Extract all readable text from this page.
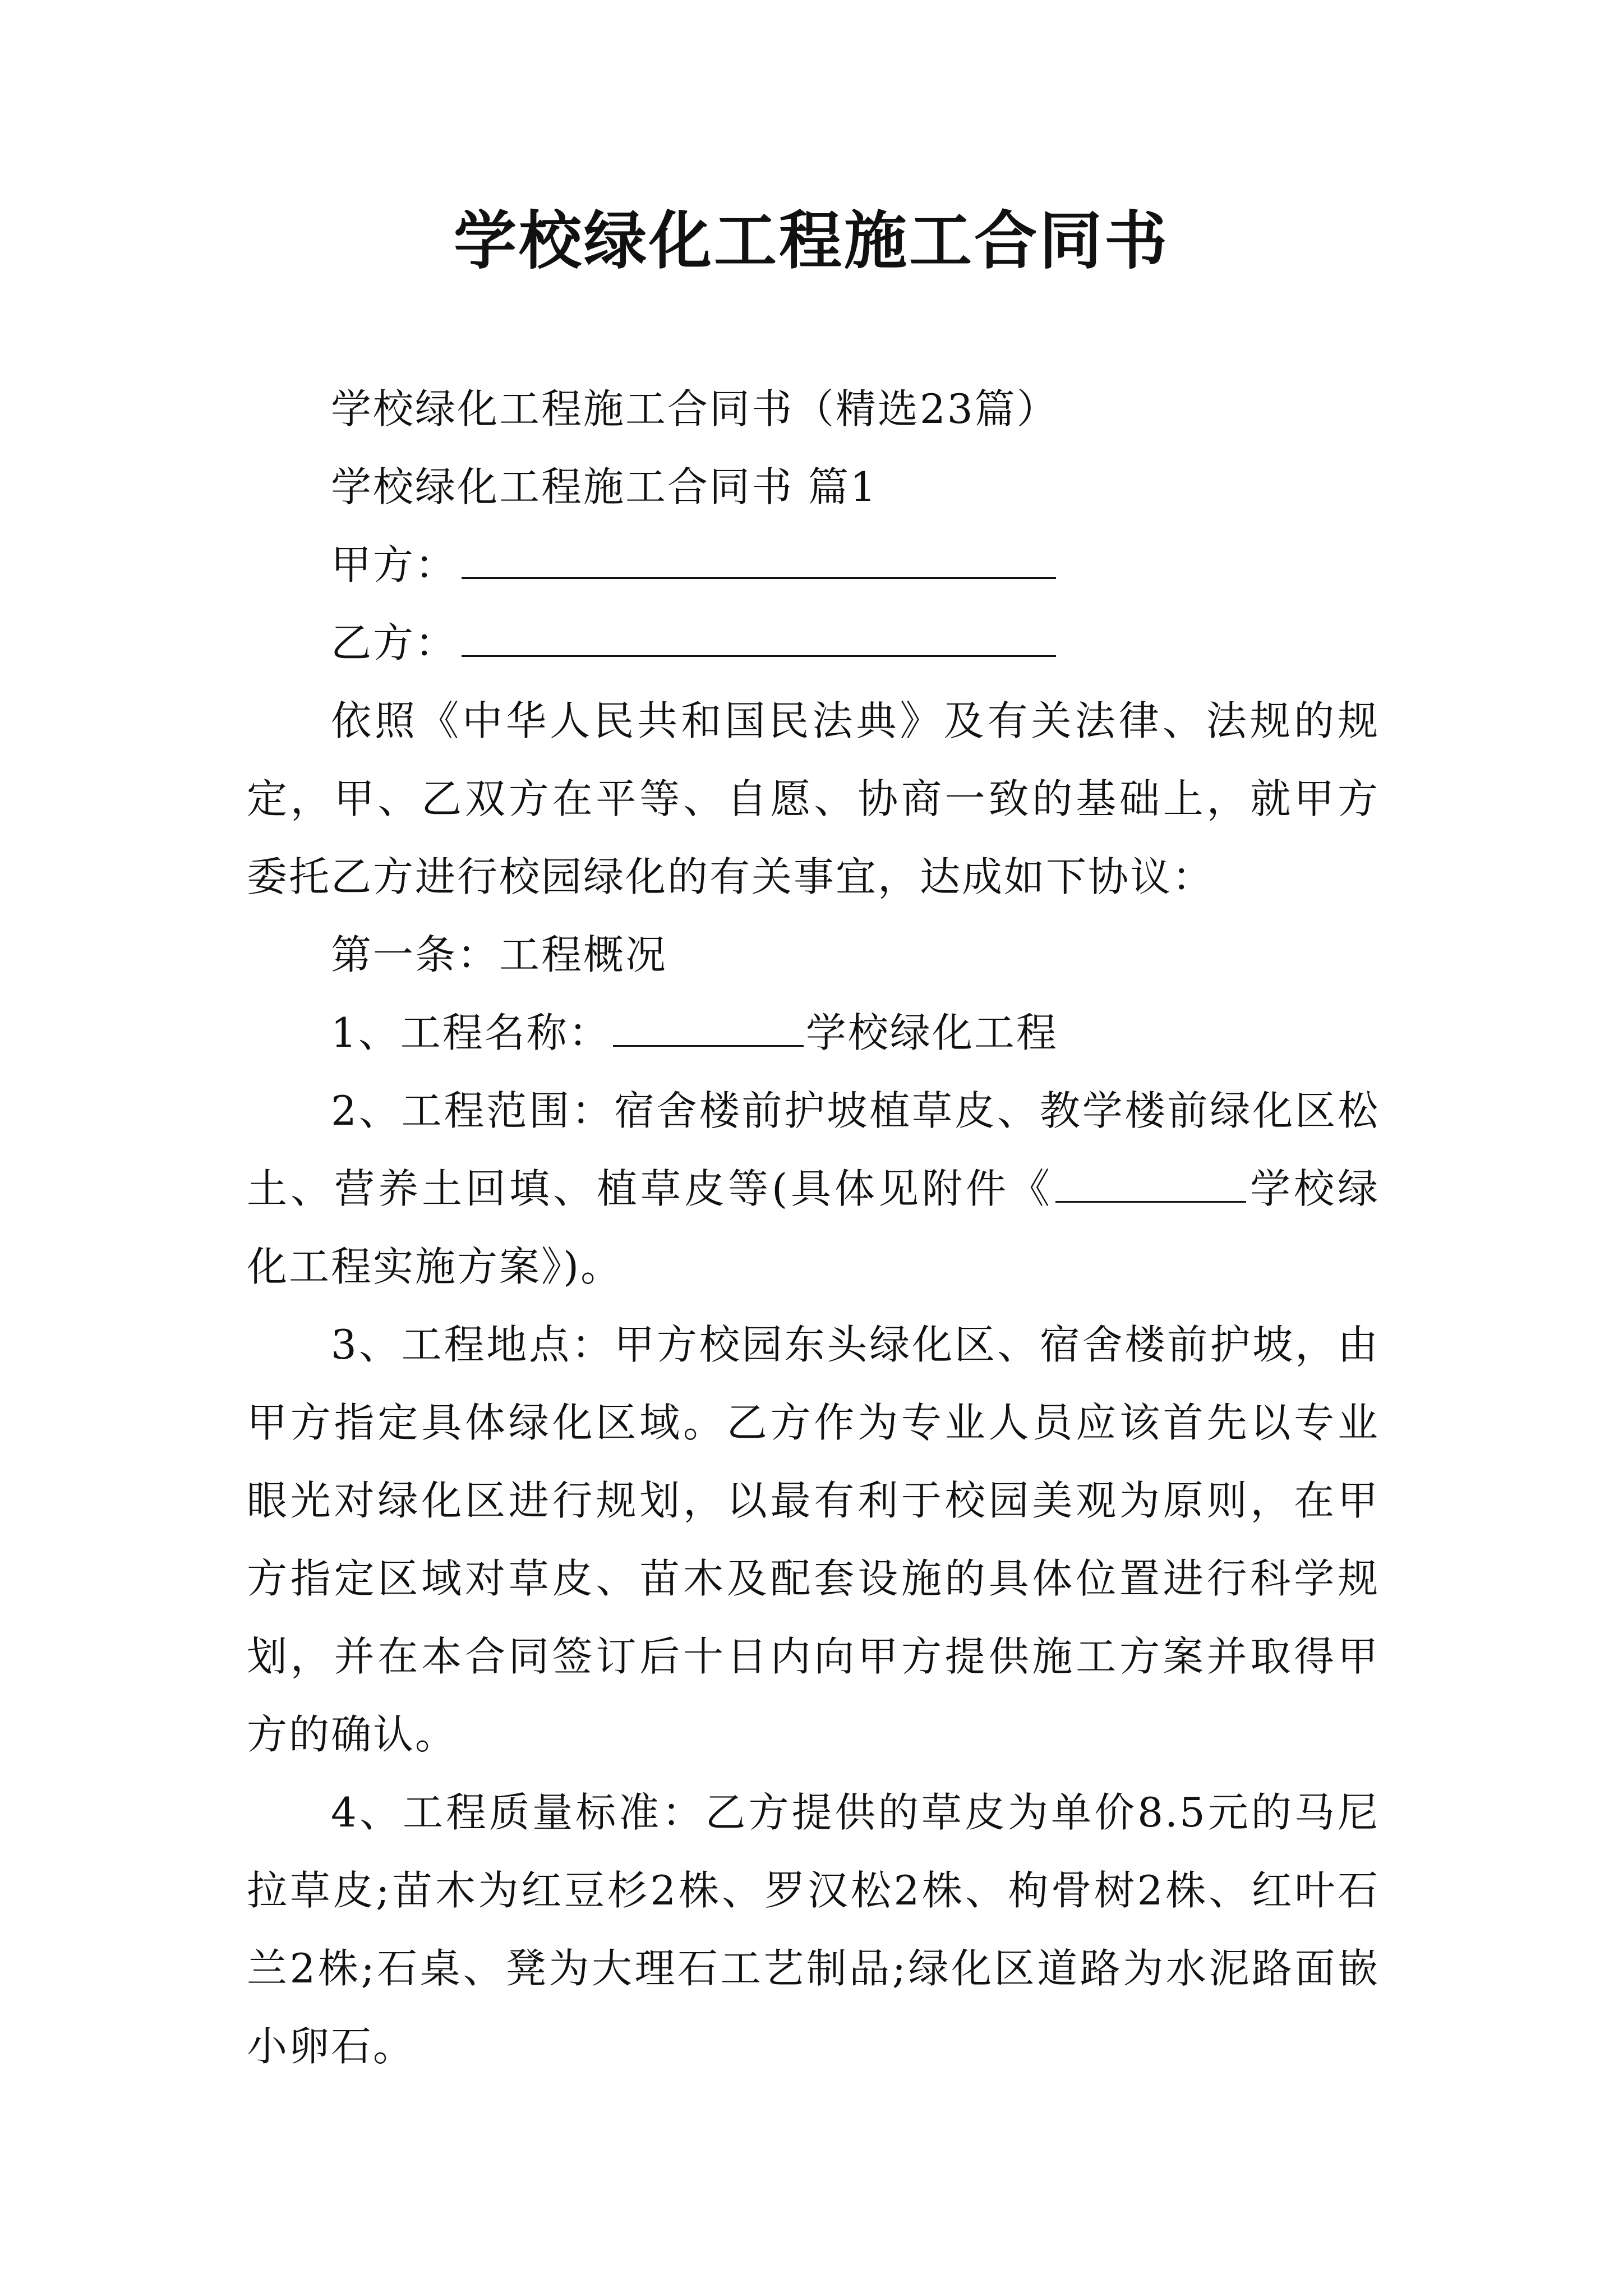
学校绿化工程施工合同书

学校绿化工程施工合同书（精选23篇）

学校绿化工程施工合同书 篇1

甲方：

乙方：

依照《中华人民共和国民法典》及有关法律、法规的规定，甲、乙双方在平等、自愿、协商一致的基础上，就甲方委托乙方进行校园绿化的有关事宜，达成如下协议：

第一条：工程概况

1、工程名称：	学校绿化工程

2、工程范围：宿舍楼前护坡植草皮、教学楼前绿化区松土、营养土回填、植草皮等(具体见附件《	学校绿化工程实施方案》)。

3、工程地点：甲方校园东头绿化区、宿舍楼前护坡，由甲方指定具体绿化区域。乙方作为专业人员应该首先以专业眼光对绿化区进行规划，以最有利于校园美观为原则，在甲方指定区域对草皮、苗木及配套设施的具体位置进行科学规划，并在本合同签订后十日内向甲方提供施工方案并取得甲方的确认。

4、工程质量标准：乙方提供的草皮为单价8.5元的马尼拉草皮;苗木为红豆杉2株、罗汉松2株、枸骨树2株、红叶石兰2株;石桌、凳为大理石工艺制品;绿化区道路为水泥路面嵌小卵石。
